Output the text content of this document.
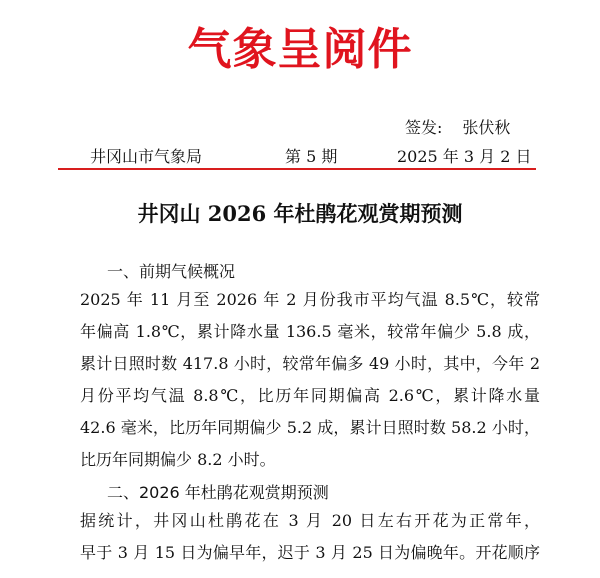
气象呈阅件
签发: 张伏秋
井冈山市气象局	第 5 期	2025 年 3 月 2 日
井冈山 2026 年杜鹃花观赏期预测
一、前期气候概况
2025 年 11 月至 2026 年 2 月份我市平均气温 8.5℃，较常
年偏高 1.8℃，累计降水量 136.5 毫米，较常年偏少 5.8 成，
累计日照时数 417.8 小时，较常年偏多 49 小时，其中，今年 2
月份平均气温 8.8℃，比历年同期偏高 2.6℃，累计降水量
42.6 毫米，比历年同期偏少 5.2 成，累计日照时数 58.2 小时，
比历年同期偏少 8.2 小时。
二、2026 年杜鹃花观赏期预测
据统计，井冈山杜鹃花在 3 月 20 日左右开花为正常年，
早于 3 月 15 日为偏早年，迟于 3 月 25 日为偏晚年。开花顺序
